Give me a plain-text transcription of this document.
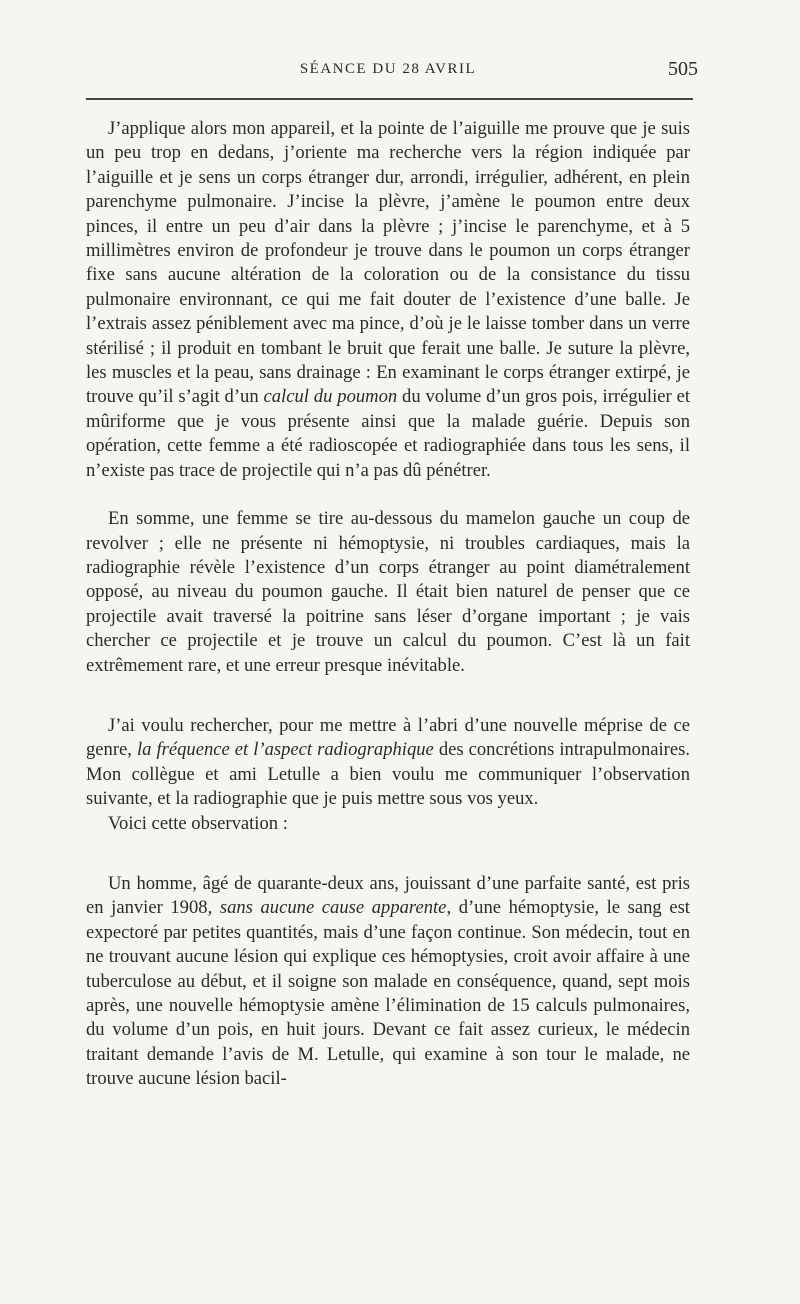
SÉANCE DU 28 AVRIL	505

J’applique alors mon appareil, et la pointe de l’aiguille me prouve que je suis un peu trop en dedans, j’oriente ma recherche vers la région indiquée par l’aiguille et je sens un corps étranger dur, arrondi, irrégulier, adhérent, en plein parenchyme pulmonaire. J’incise la plèvre, j’amène le poumon entre deux pinces, il entre un peu d’air dans la plèvre ; j’incise le parenchyme, et à 5 millimètres environ de profondeur je trouve dans le poumon un corps étranger fixe sans aucune altération de la coloration ou de la consistance du tissu pulmonaire environnant, ce qui me fait douter de l’existence d’une balle. Je l’extrais assez péniblement avec ma pince, d’où je le laisse tomber dans un verre stérilisé ; il produit en tombant le bruit que ferait une balle. Je suture la plèvre, les muscles et la peau, sans drainage : En examinant le corps étranger extirpé, je trouve qu’il s’agit d’un calcul du poumon du volume d’un gros pois, irrégulier et mûriforme que je vous présente ainsi que la malade guérie. Depuis son opération, cette femme a été radioscopée et radiographiée dans tous les sens, il n’existe pas trace de projectile qui n’a pas dû pénétrer.

En somme, une femme se tire au-dessous du mamelon gauche un coup de revolver ; elle ne présente ni hémoptysie, ni troubles cardiaques, mais la radiographie révèle l’existence d’un corps étranger au point diamétralement opposé, au niveau du poumon gauche. Il était bien naturel de penser que ce projectile avait traversé la poitrine sans léser d’organe important ; je vais chercher ce projectile et je trouve un calcul du poumon. C’est là un fait extrêmement rare, et une erreur presque inévitable.

J’ai voulu rechercher, pour me mettre à l’abri d’une nouvelle méprise de ce genre, la fréquence et l’aspect radiographique des concrétions intrapulmonaires. Mon collègue et ami Letulle a bien voulu me communiquer l’observation suivante, et la radiographie que je puis mettre sous vos yeux.

Voici cette observation :

Un homme, âgé de quarante-deux ans, jouissant d’une parfaite santé, est pris en janvier 1908, sans aucune cause apparente, d’une hémoptysie, le sang est expectoré par petites quantités, mais d’une façon continue. Son médecin, tout en ne trouvant aucune lésion qui explique ces hémoptysies, croit avoir affaire à une tuberculose au début, et il soigne son malade en conséquence, quand, sept mois après, une nouvelle hémoptysie amène l’élimination de 15 calculs pulmonaires, du volume d’un pois, en huit jours. Devant ce fait assez curieux, le médecin traitant demande l’avis de M. Letulle, qui examine à son tour le malade, ne trouve aucune lésion bacil-
